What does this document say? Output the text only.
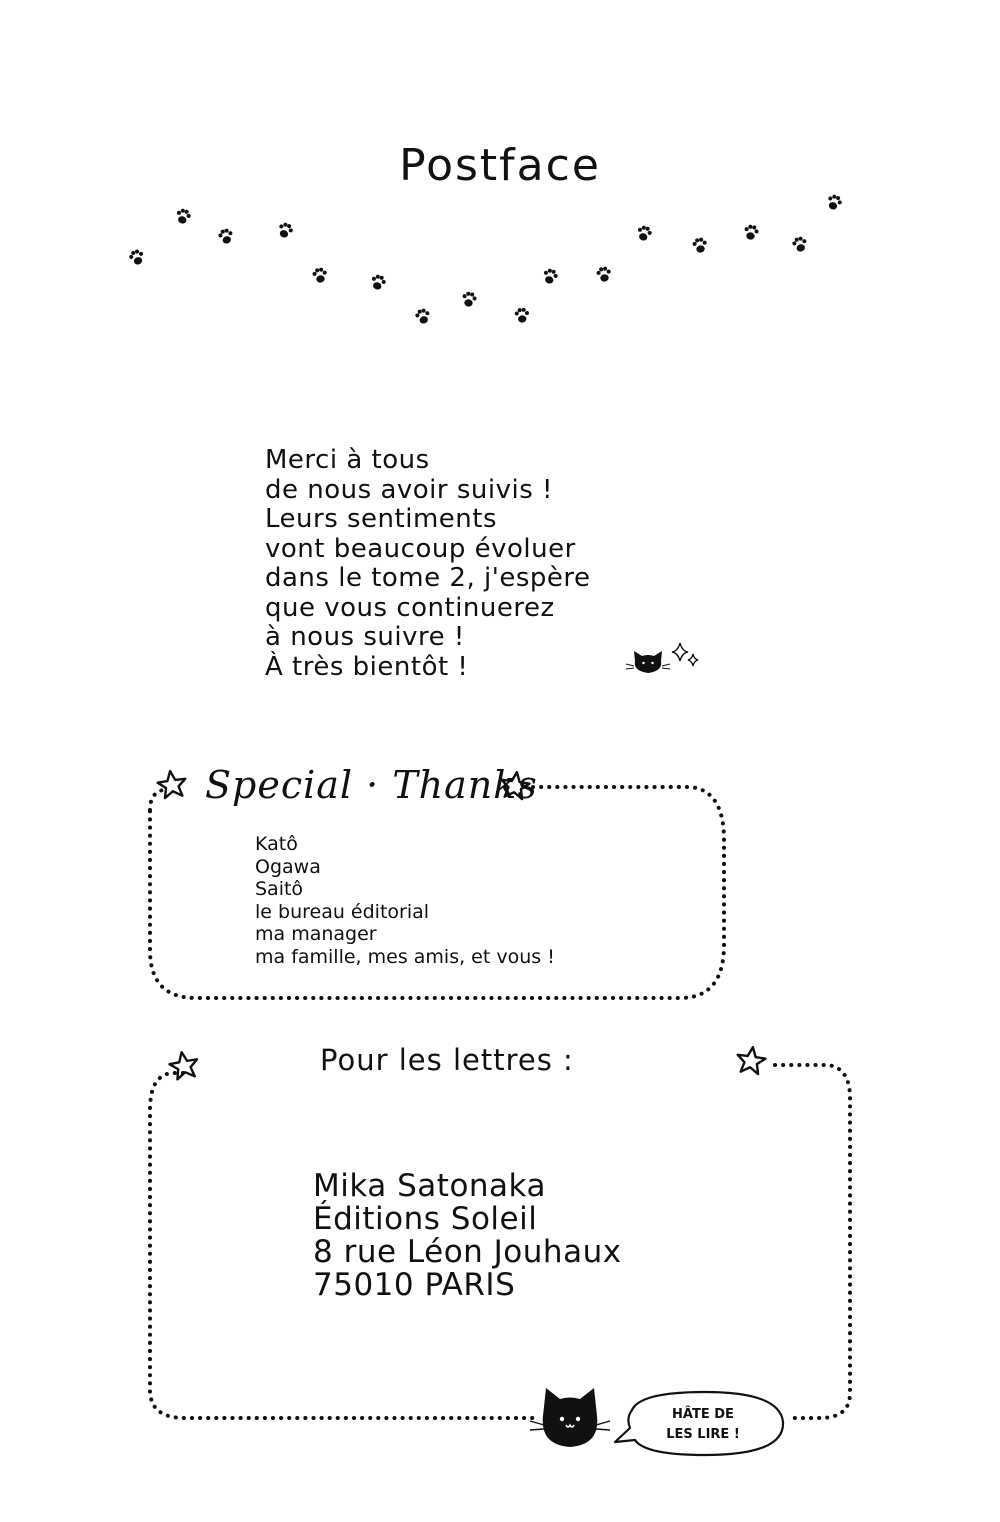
Postface
Merci à tous
de nous avoir suivis !
Leurs sentiments
vont beaucoup évoluer
dans le tome 2, j'espère
que vous continuerez
à nous suivre !
À très bientôt !
Special · Thanks
Katô
Ogawa
Saitô
le bureau éditorial
ma manager
ma famille, mes amis, et vous !
Pour les lettres :
Mika Satonaka
Éditions Soleil
8 rue Léon Jouhaux
75010 PARIS
HÂTE DE
LES LIRE !
